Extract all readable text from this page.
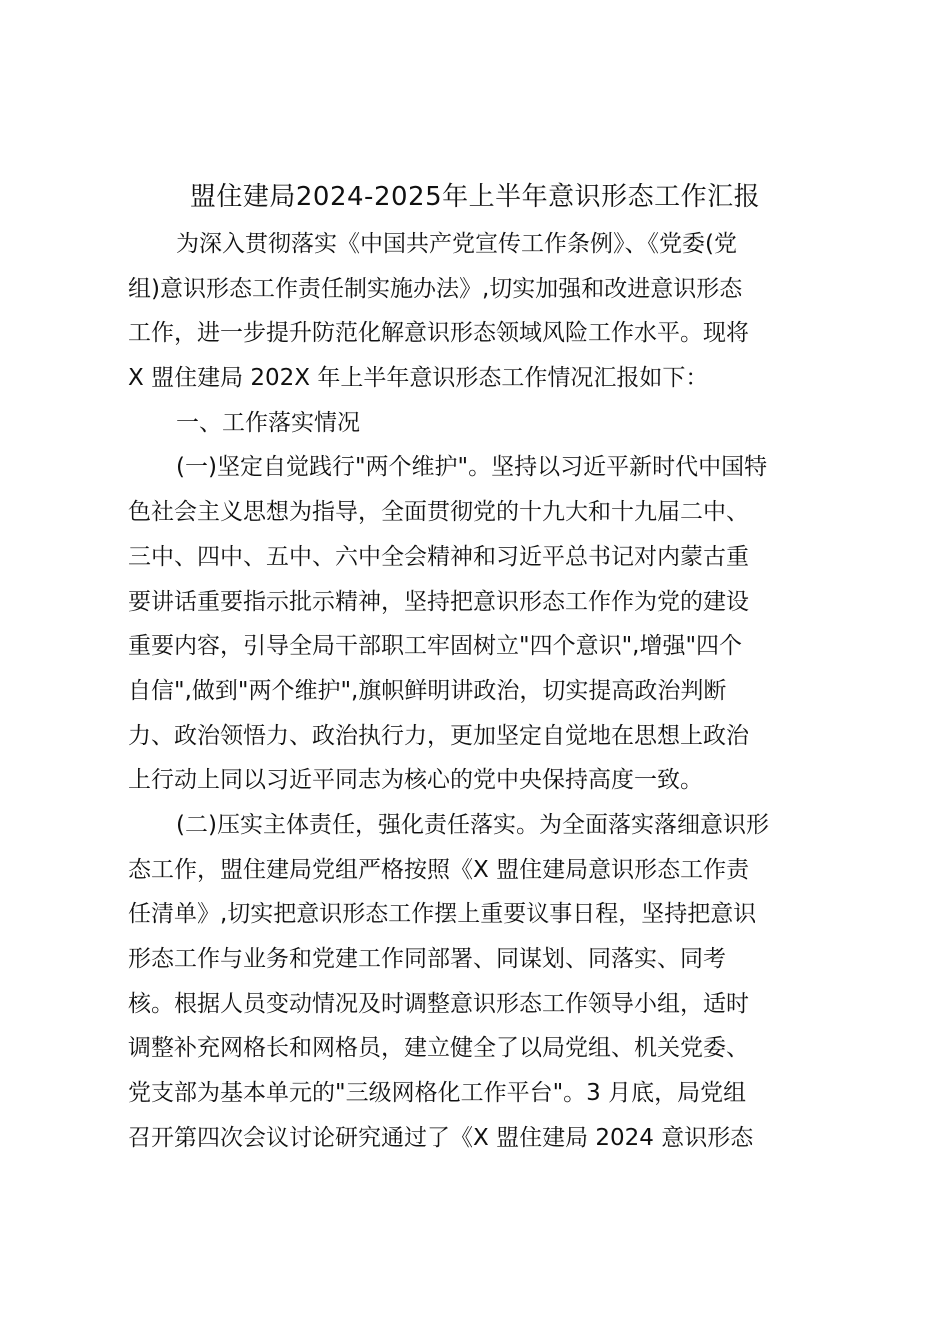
盟住建局2024-2025年上半年意识形态工作汇报
为深入贯彻落实《中国共产党宣传工作条例》、《党委(党
组)意识形态工作责任制实施办法》,切实加强和改进意识形态
工作，进一步提升防范化解意识形态领域风险工作水平。现将
X 盟住建局 202X 年上半年意识形态工作情况汇报如下：
一、工作落实情况
(一)坚定自觉践行"两个维护"。坚持以习近平新时代中国特
色社会主义思想为指导，全面贯彻党的十九大和十九届二中、
三中、四中、五中、六中全会精神和习近平总书记对内蒙古重
要讲话重要指示批示精神，坚持把意识形态工作作为党的建设
重要内容，引导全局干部职工牢固树立"四个意识",增强"四个
自信",做到"两个维护",旗帜鲜明讲政治，切实提高政治判断
力、政治领悟力、政治执行力，更加坚定自觉地在思想上政治
上行动上同以习近平同志为核心的党中央保持高度一致。
(二)压实主体责任，强化责任落实。为全面落实落细意识形
态工作，盟住建局党组严格按照《X 盟住建局意识形态工作责
任清单》,切实把意识形态工作摆上重要议事日程，坚持把意识
形态工作与业务和党建工作同部署、同谋划、同落实、同考
核。根据人员变动情况及时调整意识形态工作领导小组，适时
调整补充网格长和网格员，建立健全了以局党组、机关党委、
党支部为基本单元的"三级网格化工作平台"。3 月底，局党组
召开第四次会议讨论研究通过了《X 盟住建局 2024 意识形态
